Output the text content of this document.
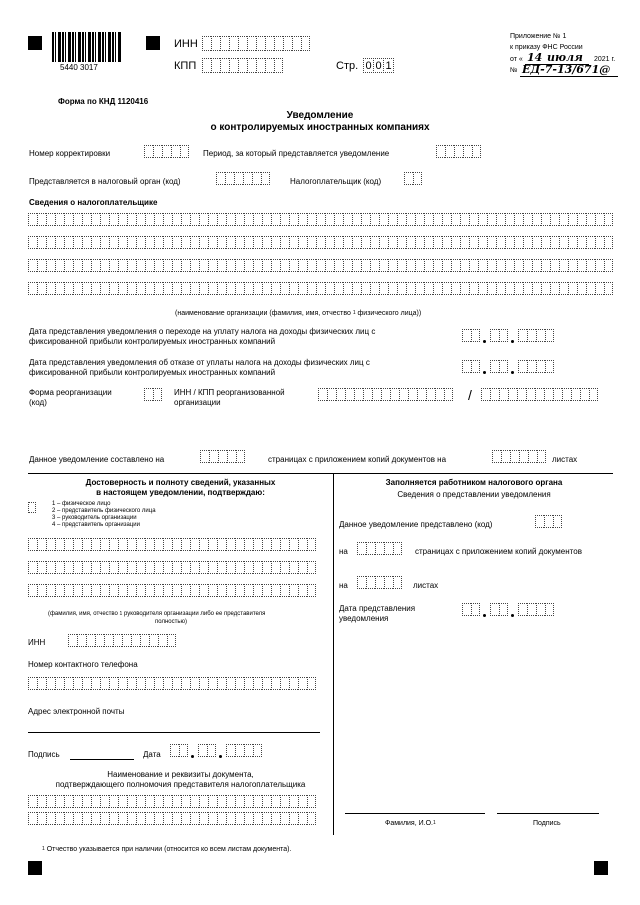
5440 3017
ИНН
КПП	Стр. 0 0 1
Приложение № 1
к приказу ФНС России
от « 14 июля 2021 г.
№ ЕД-7-13/671@
Форма по КНД 1120416
Уведомление
о контролируемых иностранных компаниях
Номер корректировки	Период, за который представляется уведомление
Представляется в налоговый орган (код)	Налогоплательщик (код)
Сведения о налогоплательщике
(наименование организации (фамилия, имя, отчество $^1$ физического лица))
Дата представления уведомления о переходе на уплату налога на доходы физических лиц с
фиксированной прибыли контролируемых иностранных компаний
Дата представления уведомления об отказе от уплаты налога на доходы физических лиц с
фиксированной прибыли контролируемых иностранных компаний
Форма реорганизации
(код)
ИНН / КПП реорганизованной
организации	/
Данное уведомление составлено на	страницах с приложением копий документов на	листах
Достоверность и полноту сведений, указанных
в настоящем уведомлении, подтверждаю:
1 – физическое лицо
2 – представитель физического лица
3 – руководитель организации
4 – представитель организации
(фамилия, имя, отчество $^1$ руководителя организации либо ее представителя
полностью)
ИНН
Номер контактного телефона
Адрес электронной почты
Подпись	Дата
Наименование и реквизиты документа,
подтверждающего полномочия представителя налогоплательщика
Заполняется работником налогового органа
Сведения о представлении уведомления
Данное уведомление представлено (код)
на	страницах с приложением копий документов
на	листах
Дата представления
уведомления
Фамилия, И.О.$^1$	Подпись
$^1$ Отчество указывается при наличии (относится ко всем листам документа).
